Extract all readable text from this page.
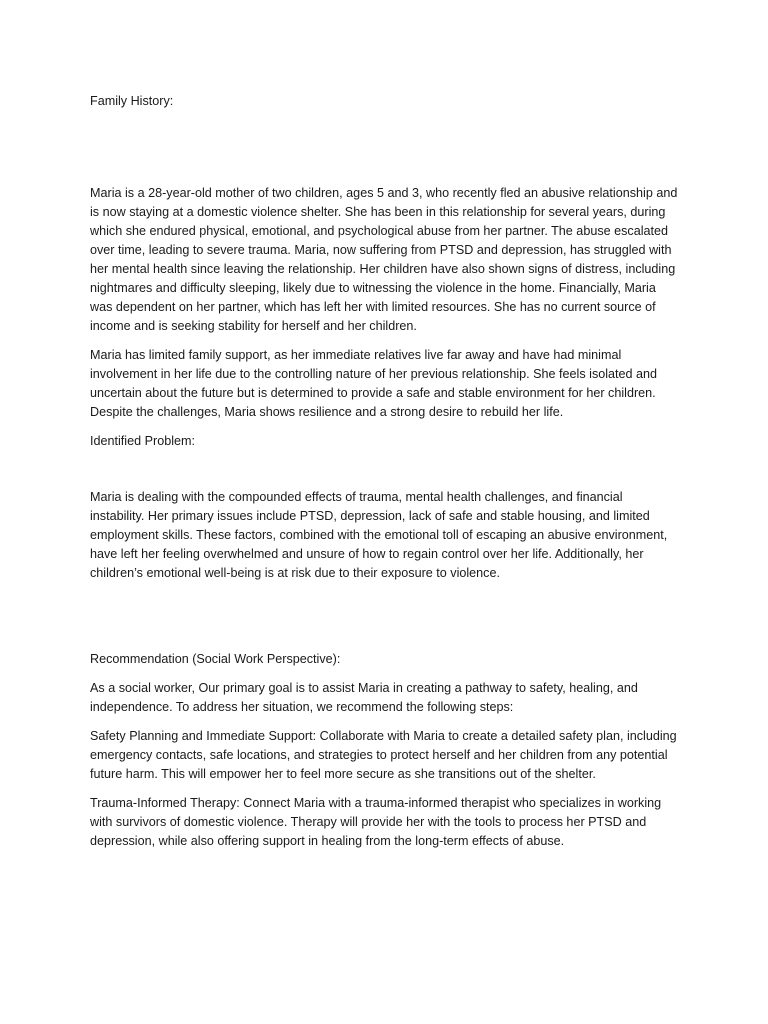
Family History:

Maria is a 28-year-old mother of two children, ages 5 and 3, who recently fled an abusive relationship and is now staying at a domestic violence shelter. She has been in this relationship for several years, during which she endured physical, emotional, and psychological abuse from her partner. The abuse escalated over time, leading to severe trauma. Maria, now suffering from PTSD and depression, has struggled with her mental health since leaving the relationship. Her children have also shown signs of distress, including nightmares and difficulty sleeping, likely due to witnessing the violence in the home. Financially, Maria was dependent on her partner, which has left her with limited resources. She has no current source of income and is seeking stability for herself and her children.

Maria has limited family support, as her immediate relatives live far away and have had minimal involvement in her life due to the controlling nature of her previous relationship. She feels isolated and uncertain about the future but is determined to provide a safe and stable environment for her children. Despite the challenges, Maria shows resilience and a strong desire to rebuild her life.

Identified Problem:

Maria is dealing with the compounded effects of trauma, mental health challenges, and financial instability. Her primary issues include PTSD, depression, lack of safe and stable housing, and limited employment skills. These factors, combined with the emotional toll of escaping an abusive environment, have left her feeling overwhelmed and unsure of how to regain control over her life. Additionally, her children’s emotional well-being is at risk due to their exposure to violence.

Recommendation (Social Work Perspective):

As a social worker, Our primary goal is to assist Maria in creating a pathway to safety, healing, and independence. To address her situation, we recommend the following steps:

Safety Planning and Immediate Support: Collaborate with Maria to create a detailed safety plan, including emergency contacts, safe locations, and strategies to protect herself and her children from any potential future harm. This will empower her to feel more secure as she transitions out of the shelter.

Trauma-Informed Therapy: Connect Maria with a trauma-informed therapist who specializes in working with survivors of domestic violence. Therapy will provide her with the tools to process her PTSD and depression, while also offering support in healing from the long-term effects of abuse.
